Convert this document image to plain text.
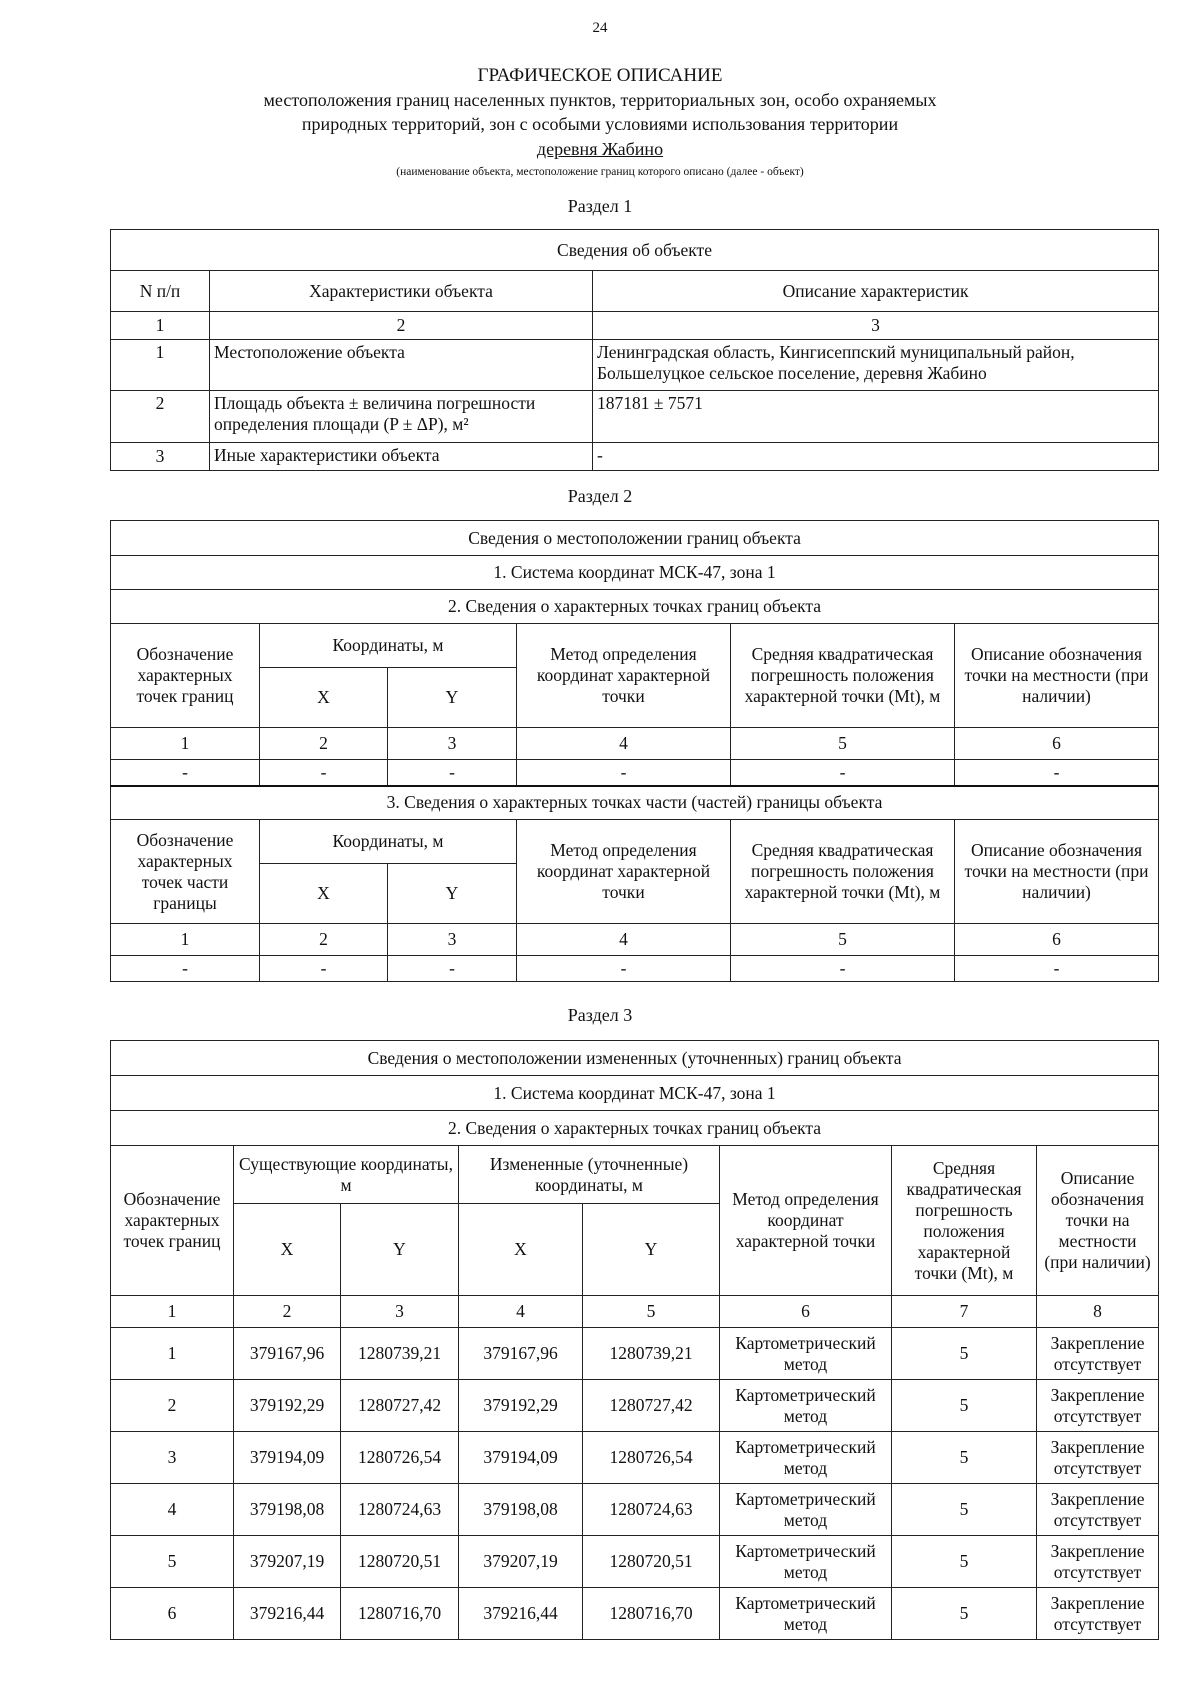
24
ГРАФИЧЕСКОЕ ОПИСАНИЕ
местоположения границ населенных пунктов, территориальных зон, особо охраняемых
природных территорий, зон с особыми условиями использования территории
деревня Жабино
(наименование объекта, местоположение границ которого описано (далее - объект)
Раздел 1
Сведения об объекте		
N п/п	Характеристики объекта	Описание характеристик
1	2	3
1	Местоположение объекта	Ленинградская область, Кингисеппский муниципальный район, Большелуцкое сельское поселение, деревня Жабино
2	Площадь объекта ± величина погрешности определения площади (P ± ΔP), м²	187181 ± 7571
3	Иные характеристики объекта	-
Раздел 2
Сведения о местоположении границ объекта					
1. Система координат МСК-47, зона 1					
2. Сведения о характерных точках границ объекта					
Обозначение характерных точек границ	Координаты, м		Метод определения координат характерной точки	Средняя квадратическая погрешность положения характерной точки (Mt), м	Описание обозначения точки на местности (при наличии)
	X	Y			
1	2	3	4	5	6
-	-	-	-	-	-
3. Сведения о характерных точках части (частей) границы объекта					
Обозначение характерных точек части границы	Координаты, м		Метод определения координат характерной точки	Средняя квадратическая погрешность положения характерной точки (Mt), м	Описание обозначения точки на местности (при наличии)
	X	Y			
1	2	3	4	5	6
-	-	-	-	-	-
Раздел 3
Сведения о местоположении измененных (уточненных) границ объекта							
1. Система координат МСК-47, зона 1							
2. Сведения о характерных точках границ объекта							
Обозначение характерных точек границ	Существующие координаты, м		Измененные (уточненные) координаты, м		Метод определения координат характерной точки	Средняя квадратическая погрешность положения характерной точки (Mt), м	Описание обозначения точки на местности (при наличии)
	X	Y	X	Y			
1	2	3	4	5	6	7	8
1	379167,96	1280739,21	379167,96	1280739,21	Картометрический метод	5	Закрепление отсутствует
2	379192,29	1280727,42	379192,29	1280727,42	Картометрический метод	5	Закрепление отсутствует
3	379194,09	1280726,54	379194,09	1280726,54	Картометрический метод	5	Закрепление отсутствует
4	379198,08	1280724,63	379198,08	1280724,63	Картометрический метод	5	Закрепление отсутствует
5	379207,19	1280720,51	379207,19	1280720,51	Картометрический метод	5	Закрепление отсутствует
6	379216,44	1280716,70	379216,44	1280716,70	Картометрический метод	5	Закрепление отсутствует
